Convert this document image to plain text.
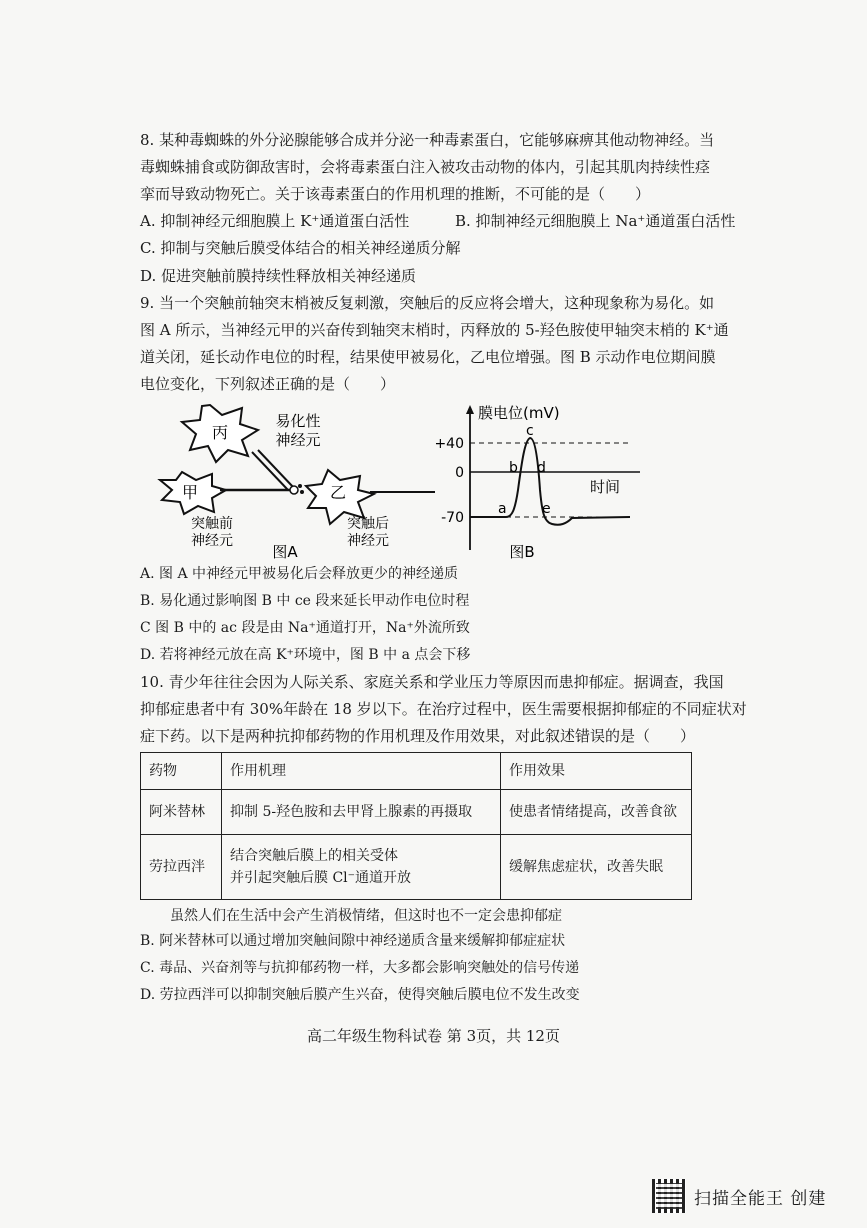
8. 某种毒蜘蛛的外分泌腺能够合成并分泌一种毒素蛋白，它能够麻痹其他动物神经。当
毒蜘蛛捕食或防御敌害时，会将毒素蛋白注入被攻击动物的体内，引起其肌肉持续性痉
挛而导致动物死亡。关于该毒素蛋白的作用机理的推断，不可能的是（　　）
A. 抑制神经元细胞膜上 K⁺通道蛋白活性	B. 抑制神经元细胞膜上 Na⁺通道蛋白活性
C. 抑制与突触后膜受体结合的相关神经递质分解
D. 促进突触前膜持续性释放相关神经递质
9. 当一个突触前轴突末梢被反复刺激，突触后的反应将会增大，这种现象称为易化。如
图 A 所示，当神经元甲的兴奋传到轴突末梢时，丙释放的 5-羟色胺使甲轴突末梢的 K⁺通
道关闭，延长动作电位的时程，结果使甲被易化，乙电位增强。图 B 示动作电位期间膜
电位变化，下列叙述正确的是（　　）
丙
易化性
神经元
甲	乙
突触前
神经元
突触后
神经元
图A
膜电位(mV)
时间
+40
0
-70
a
b
c
d
e
图B
A. 图 A 中神经元甲被易化后会释放更少的神经递质
B. 易化通过影响图 B 中 ce 段来延长甲动作电位时程
C 图 B 中的 ac 段是由 Na⁺通道打开，Na⁺外流所致
D. 若将神经元放在高 K⁺环境中，图 B 中 a 点会下移
10. 青少年往往会因为人际关系、家庭关系和学业压力等原因而患抑郁症。据调查，我国
抑郁症患者中有 30%年龄在 18 岁以下。在治疗过程中，医生需要根据抑郁症的不同症状对
症下药。以下是两种抗抑郁药物的作用机理及作用效果，对此叙述错误的是（　　）
药物	作用机理	作用效果
阿米替林	抑制 5-羟色胺和去甲肾上腺素的再摄取	使患者情绪提高，改善食欲
劳拉西泮	结合突触后膜上的相关受体
并引起突触后膜 Cl⁻通道开放	缓解焦虑症状，改善失眠
虽然人们在生活中会产生消极情绪，但这时也不一定会患抑郁症
B. 阿米替林可以通过增加突触间隙中神经递质含量来缓解抑郁症症状
C. 毒品、兴奋剂等与抗抑郁药物一样，大多都会影响突触处的信号传递
D. 劳拉西泮可以抑制突触后膜产生兴奋，使得突触后膜电位不发生改变
高二年级生物科试卷 第 3页，共 12页
扫描全能王 创建
